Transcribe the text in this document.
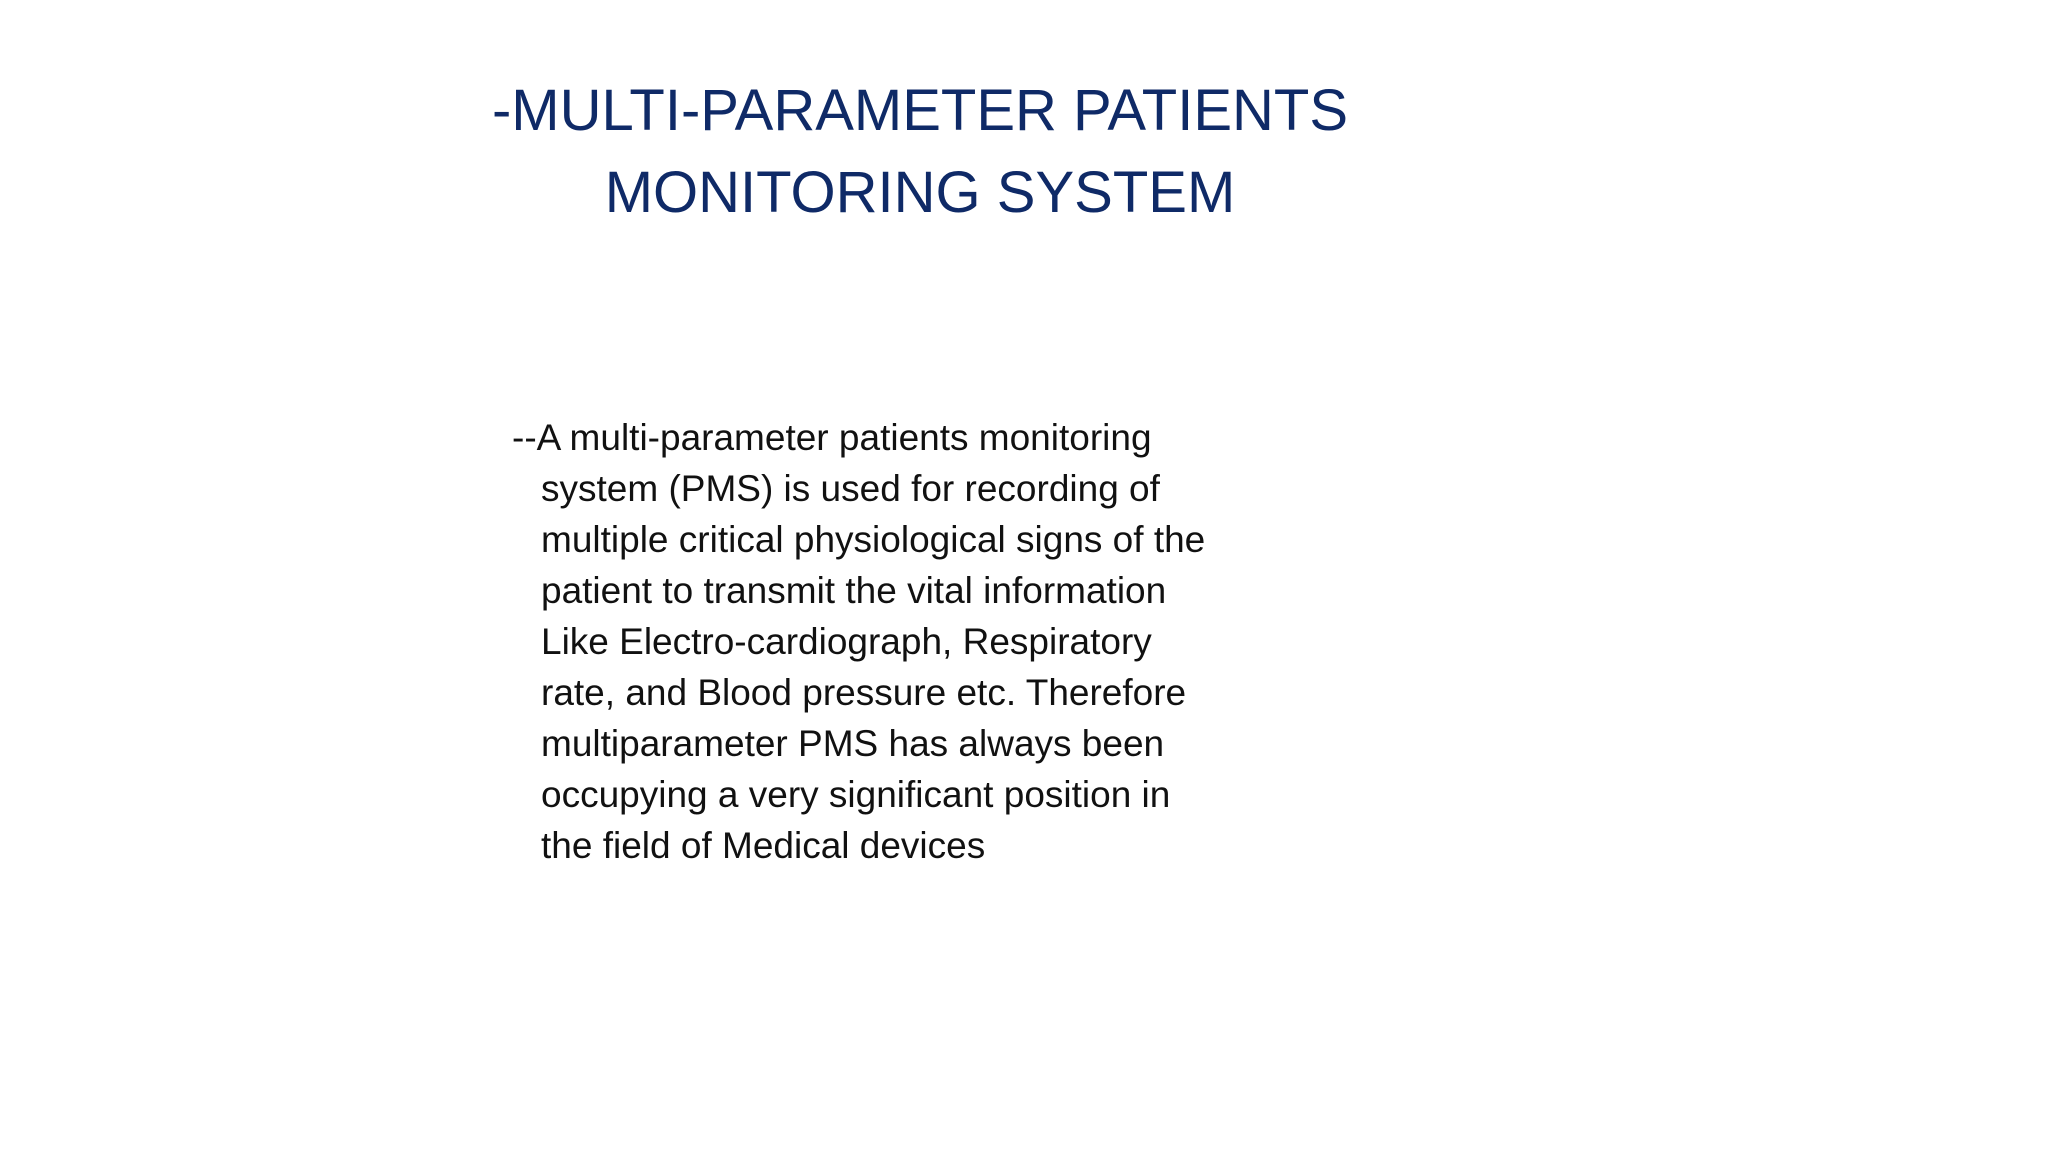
-MULTI-PARAMETER PATIENTS
MONITORING SYSTEM
--A multi-parameter patients monitoring
system (PMS) is used for recording of
multiple critical physiological signs of the
patient to transmit the vital information
Like Electro-cardiograph, Respiratory
rate, and Blood pressure etc. Therefore
multiparameter PMS has always been
occupying a very significant position in
the field of Medical devices
